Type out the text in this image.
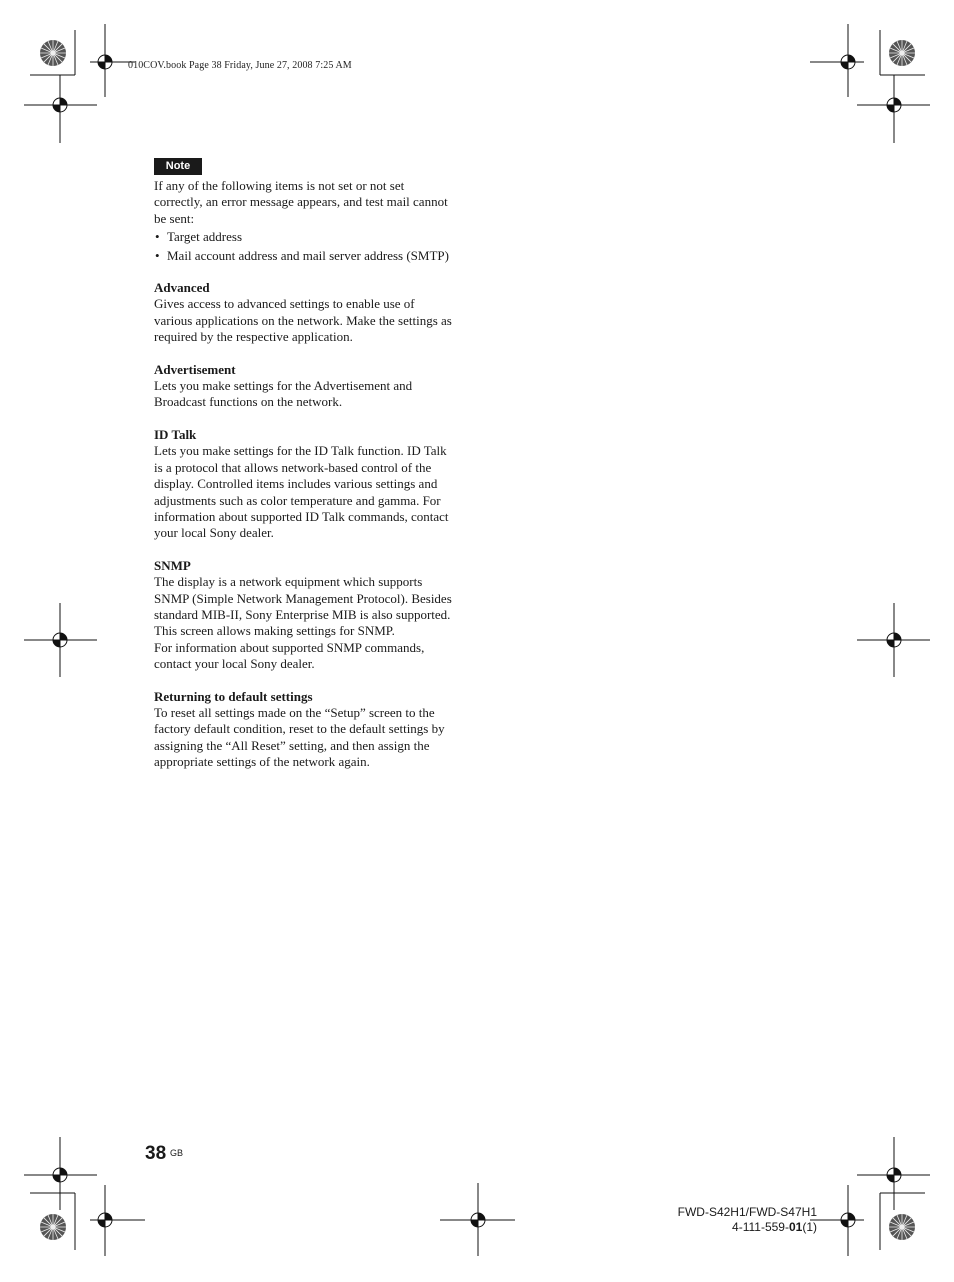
010COV.book Page 38 Friday, June 27, 2008 7:25 AM
Note

If any of the following items is not set or not set correctly, an error message appears, and test mail cannot be sent:

• Target address
• Mail account address and mail server address (SMTP)
Advanced

Gives access to advanced settings to enable use of various applications on the network. Make the settings as required by the respective application.

Advertisement

Lets you make settings for the Advertisement and Broadcast functions on the network.

ID Talk

Lets you make settings for the ID Talk function. ID Talk is a protocol that allows network-based control of the display. Controlled items includes various settings and adjustments such as color temperature and gamma. For information about supported ID Talk commands, contact your local Sony dealer.

SNMP

The display is a network equipment which supports SNMP (Simple Network Management Protocol). Besides standard MIB-II, Sony Enterprise MIB is also supported. This screen allows making settings for SNMP.

For information about supported SNMP commands, contact your local Sony dealer.

Returning to default settings

To reset all settings made on the “Setup” screen to the factory default condition, reset to the default settings by assigning the “All Reset” setting, and then assign the appropriate settings of the network again.

38 GB
FWD-S42H1/FWD-S47H1
4-111-559-01(1)
